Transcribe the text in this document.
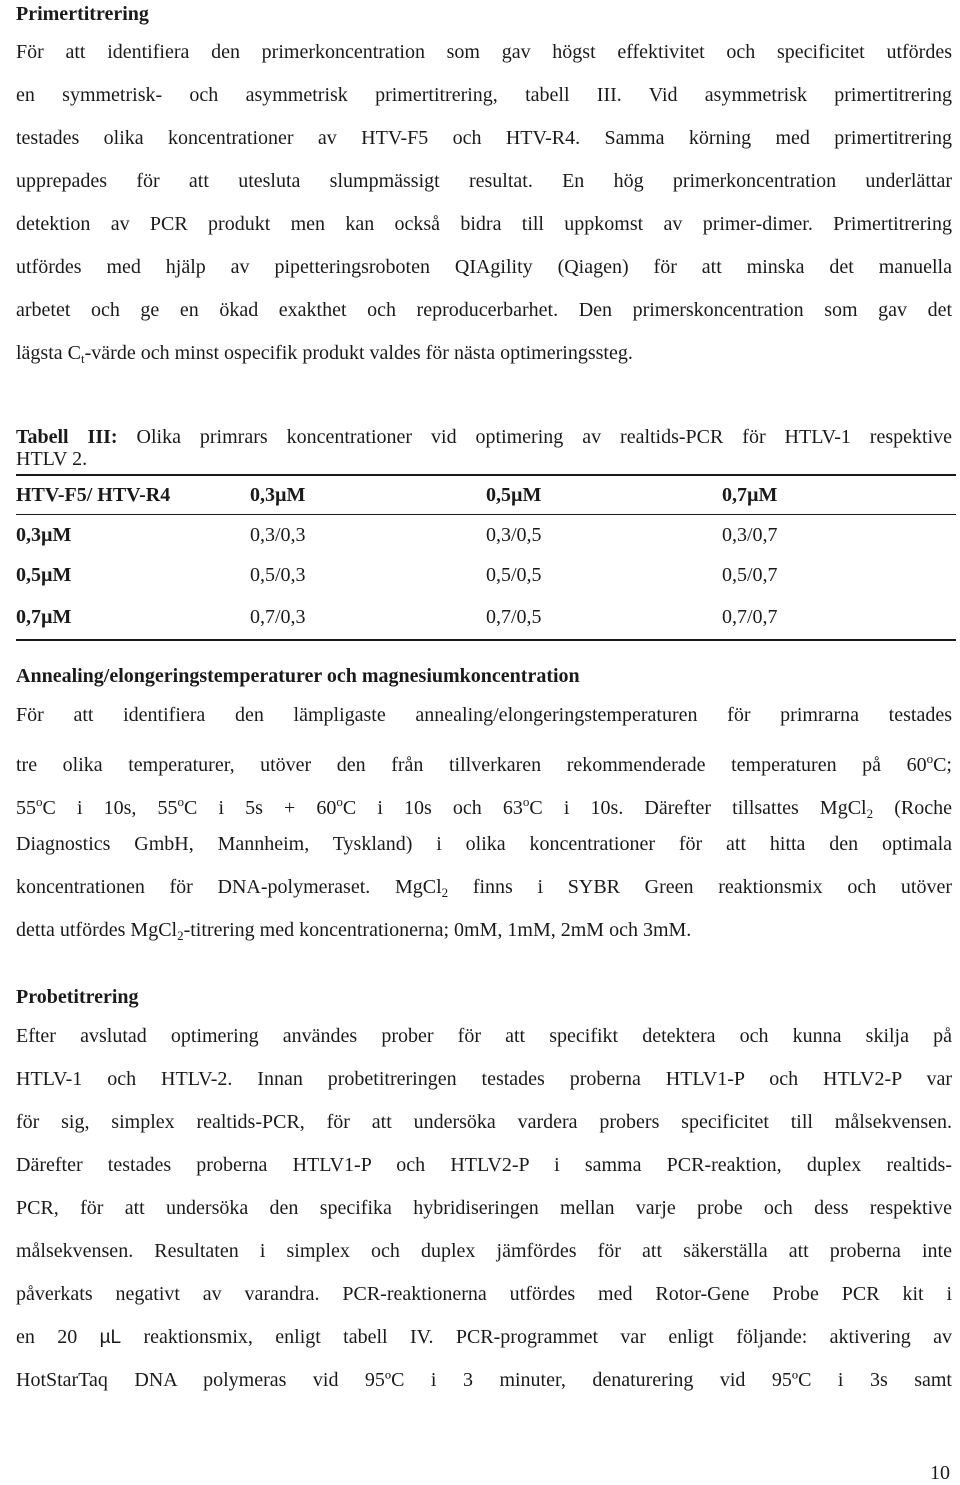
Primertitrering
För att identifiera den primerkoncentration som gav högst effektivitet och specificitet utfördes
en symmetrisk- och asymmetrisk primertitrering, tabell III. Vid asymmetrisk primertitrering
testades olika koncentrationer av HTV-F5 och HTV-R4. Samma körning med primertitrering
upprepades för att utesluta slumpmässigt resultat. En hög primerkoncentration underlättar
detektion av PCR produkt men kan också bidra till uppkomst av primer-dimer. Primertitrering
utfördes med hjälp av pipetteringsroboten QIAgility (Qiagen) för att minska det manuella
arbetet och ge en ökad exakthet och reproducerbarhet. Den primerskoncentration som gav det
lägsta $C_t$-värde och minst ospecifik produkt valdes för nästa optimeringssteg.
Tabell III: Olika primrars koncentrationer vid optimering av realtids-PCR för HTLV-1 respektive
HTLV 2.
HTV-F5/ HTV-R4	0,3µM	0,5µM	0,7µM
0,3µM	0,3/0,3	0,3/0,5	0,3/0,7
0,5µM	0,5/0,3	0,5/0,5	0,5/0,7
0,7µM	0,7/0,3	0,7/0,5	0,7/0,7
Annealing/elongeringstemperaturer och magnesiumkoncentration
För att identifiera den lämpligaste annealing/elongeringstemperaturen för primrarna testades
tre olika temperaturer, utöver den från tillverkaren rekommenderade temperaturen på 60$^o$C;
55$^o$C i 10s, 55$^o$C i $5s + 60^oC$ i 10s och 63$^o$C i 10s. Därefter tillsattes MgCl$_2$ (Roche
Diagnostics GmbH, Mannheim, Tyskland) i olika koncentrationer för att hitta den optimala
koncentrationen för DNA-polymeraset. MgCl$_2$ finns i SYBR Green reaktionsmix och utöver
detta utfördes MgCl$_2$-titrering med koncentrationerna; 0mM, 1mM, 2mM och 3mM.
Probetitrering
Efter avslutad optimering användes prober för att specifikt detektera och kunna skilja på
HTLV-1 och HTLV-2. Innan probetitreringen testades proberna HTLV1-P och HTLV2-P var
för sig, simplex realtids-PCR, för att undersöka vardera probers specificitet till målsekvensen.
Därefter testades proberna HTLV1-P och HTLV2-P i samma PCR-reaktion, duplex realtids-
PCR, för att undersöka den specifika hybridiseringen mellan varje probe och dess respektive
målsekvensen. Resultaten i simplex och duplex jämfördes för att säkerställa att proberna inte
påverkats negativt av varandra. PCR-reaktionerna utfördes med Rotor-Gene Probe PCR kit i
en 20 µL reaktionsmix, enligt tabell IV. PCR-programmet var enligt följande: aktivering av
HotStarTaq DNA polymeras vid 95ºC i 3 minuter, denaturering vid 95ºC i 3s samt
10
